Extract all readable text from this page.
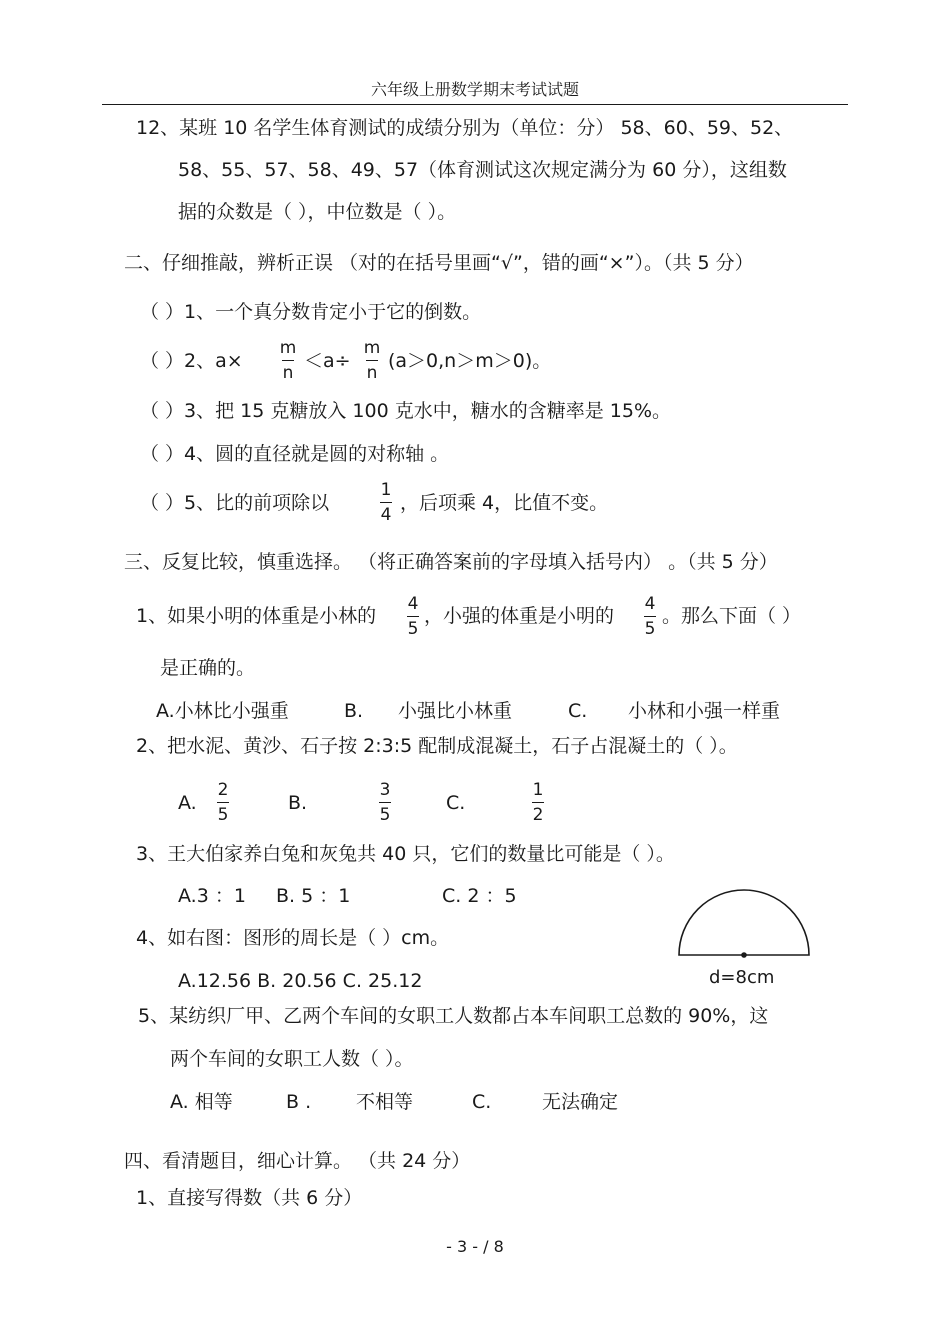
六年级上册数学期末考试试题
12、某班 10 名学生体育测试的成绩分别为（单位：分） 58、60、59、52、
58、55、57、58、49、57（体育测试这次规定满分为 60 分），这组数
据的众数是（ ），中位数是（ ）。
二、仔细推敲，辨析正误 （对的在括号里画“√”，错的画“×”）。（共 5 分）
（ ）1、一个真分数肯定小于它的倒数。
（ ）2、a×
m
n
＜a÷
m
n
(a＞0,n＞m＞0)。
（ ）3、把 15 克糖放入 100 克水中，糖水的含糖率是 15%。
（ ）4、圆的直径就是圆的对称轴 。
（ ）5、比的前项除以
1
4
，后项乘 4，比值不变。
三、反复比较，慎重选择。 （将正确答案前的字母填入括号内） 。（共 5 分）
1、如果小明的体重是小林的
4
5
，小强的体重是小明的
4
5
。那么下面（ ）
是正确的。
A.小林比小强重	B. 小强比小林重	C. 小林和小强一样重
2、把水泥、黄沙、石子按 2:3:5 配制成混凝土，石子占混凝土的（ ）。
A.
2
5
B.
3
5
C.
1
2
3、王大伯家养白兔和灰兔共 40 只，它们的数量比可能是（ ）。
A.3 ：1 B. 5 ：1	C. 2 ：5
4、如右图：图形的周长是（ ）cm。
A.12.56 B. 20.56 C. 25.12	d=8cm
5、某纺织厂甲、乙两个车间的女职工人数都占本车间职工总数的 90%，这
两个车间的女职工人数（ ）。
A. 相等	B . 不相等	C.	无法确定
四、看清题目，细心计算。 （共 24 分）
1、直接写得数（共 6 分）
- 3 - / 8
